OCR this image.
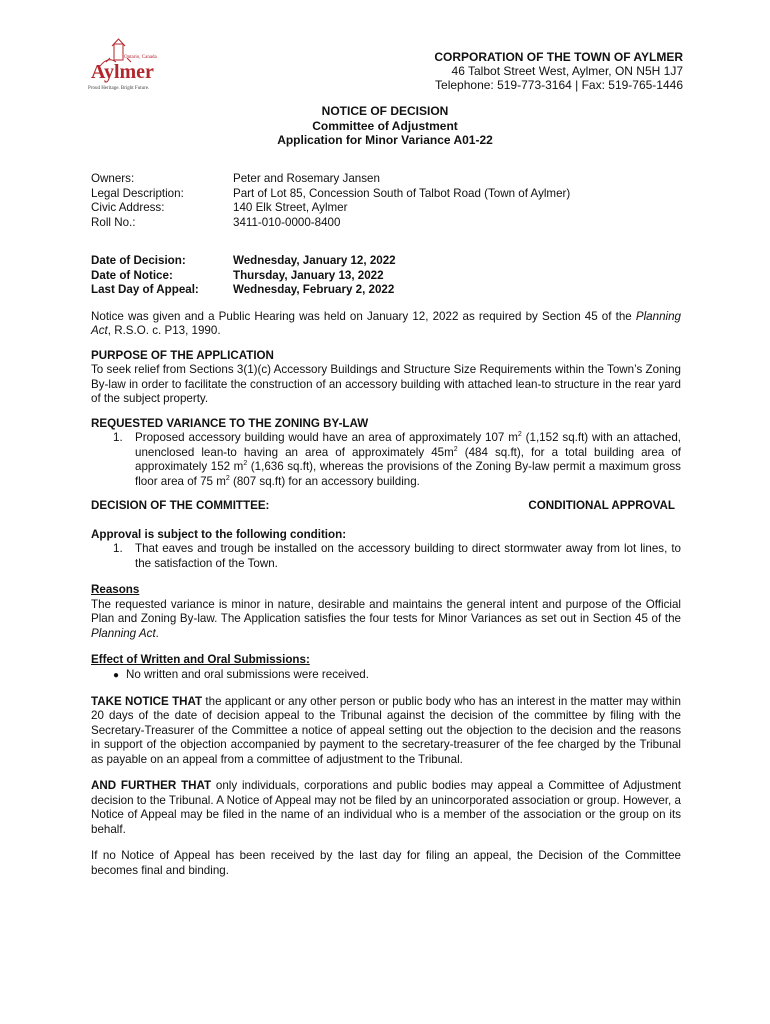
Ontario, Canada
Aylmer
Proud Heritage. Bright Future.
CORPORATION OF THE TOWN OF AYLMER
46 Talbot Street West, Aylmer, ON N5H 1J7
Telephone: 519-773-3164 | Fax: 519-765-1446
NOTICE OF DECISION
Committee of Adjustment
Application for Minor Variance A01-22
Owners:	Peter and Rosemary Jansen
Legal Description:	Part of Lot 85, Concession South of Talbot Road (Town of Aylmer)
Civic Address:	140 Elk Street, Aylmer
Roll No.:	3411-010-0000-8400
Date of Decision:	Wednesday, January 12, 2022
Date of Notice:	Thursday, January 13, 2022
Last Day of Appeal:	Wednesday, February 2, 2022

Notice was given and a Public Hearing was held on January 12, 2022 as required by Section 45 of the Planning Act, R.S.O. c. P13, 1990.

PURPOSE OF THE APPLICATION

To seek relief from Sections 3(1)(c) Accessory Buildings and Structure Size Requirements within the Town’s Zoning By-law in order to facilitate the construction of an accessory building with attached lean-to structure in the rear yard of the subject property.

REQUESTED VARIANCE TO THE ZONING BY-LAW
1.	Proposed accessory building would have an area of approximately 107 $m^2$ (1,152 sq.ft) with an attached, unenclosed lean-to having an area of approximately $45m^2$ (484 sq.ft), for a total building area of approximately 152 $m^2$ (1,636 sq.ft), whereas the provisions of the Zoning By-law permit a maximum gross floor area of 75 $m^2$ (807 sq.ft) for an accessory building.
DECISION OF THE COMMITTEE:	CONDITIONAL APPROVAL
Approval is subject to the following condition:
1.	That eaves and trough be installed on the accessory building to direct stormwater away from lot lines, to the satisfaction of the Town.
Reasons

The requested variance is minor in nature, desirable and maintains the general intent and purpose of the Official Plan and Zoning By-law. The Application satisfies the four tests for Minor Variances as set out in Section 45 of the Planning Act.

Effect of Written and Oral Submissions:
● No written and oral submissions were received.

TAKE NOTICE THAT the applicant or any other person or public body who has an interest in the matter may within 20 days of the date of decision appeal to the Tribunal against the decision of the committee by filing with the Secretary-Treasurer of the Committee a notice of appeal setting out the objection to the decision and the reasons in support of the objection accompanied by payment to the secretary-treasurer of the fee charged by the Tribunal as payable on an appeal from a committee of adjustment to the Tribunal.

AND FURTHER THAT only individuals, corporations and public bodies may appeal a Committee of Adjustment decision to the Tribunal. A Notice of Appeal may not be filed by an unincorporated association or group. However, a Notice of Appeal may be filed in the name of an individual who is a member of the association or the group on its behalf.

If no Notice of Appeal has been received by the last day for filing an appeal, the Decision of the Committee becomes final and binding.
